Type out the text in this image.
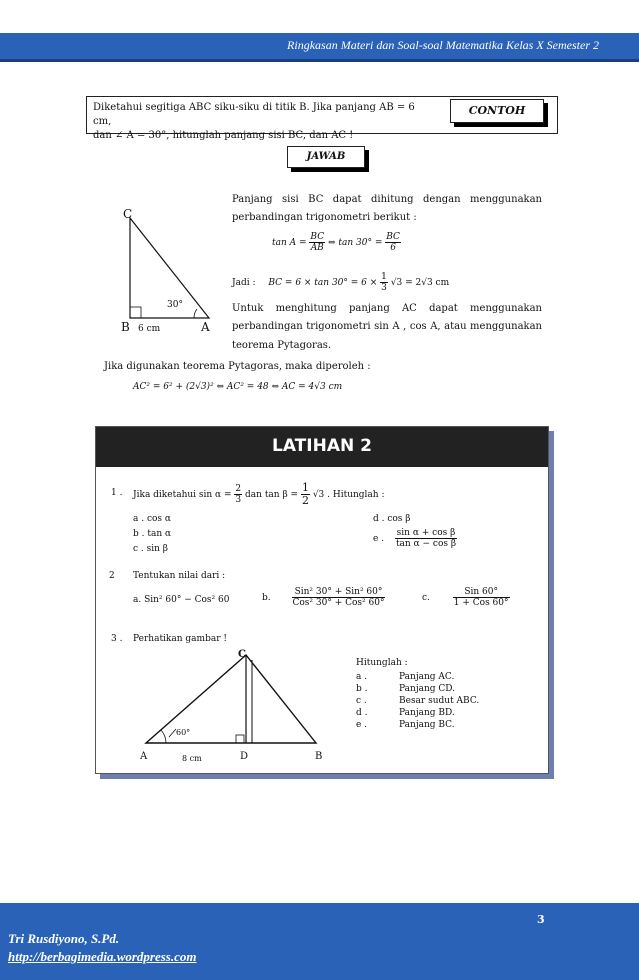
Ringkasan Materi dan Soal-soal Matematika Kelas X Semester 2
Diketahui segitiga ABC siku-siku di titik B. Jika panjang AB = 6 cm,
dan ∠ A = 30°, hitunglah panjang sisi BC, dan AC !
CONTOH
JAWAB
C
B	A
30°
6 cm
Panjang sisi BC dapat dihitung dengan menggunakan
perbandingan trigonometri berikut :
$\tan A = \frac{BC}{AB}$ ⇔ $\tan 30^\circ = \frac{BC}{6}$
Jadi : BC = $6 \times \tan 30^\circ = 6 \times \frac{1}{3} √3 = 2√3$ cm
Untuk menghitung panjang AC dapat menggunakan
perbandingan trigonometri sin A , cos A, atau menggunakan
teorema Pytagoras.
Jika digunakan teorema Pytagoras, maka diperoleh :
AC² = 6² + (2√3)² ⇔ AC² = 48 ⇔ AC = 4√3 cm
LATIHAN 2
1 . Jika diketahui $\sin \alpha = \frac{2}{3}$ dan $\tan \beta = \frac{1}{2} √3$ . Hitunglah :
a . cos α
b . tan α
c . sin β
d . cos β
e . $\frac{\text{sin α + cos β}}{\text{tan α − cos β}}$
2 Tentukan nilai dari :
a. Sin² 60° − Cos² 60	b. $\frac{\text{Sin² 30° + Sin² 60°}}{\text{Cos² 30° + Cos² 60°}}$	c.	$\frac{\text{Sin 60°}}{\text{1 + Cos 60°}}$
3 . Perhatikan gambar !
C
A	D	B
60°
8 cm
Hitunglah :
a .	Panjang AC.
b .	Panjang CD.
c .	Besar sudut ABC.
d .	Panjang BD.
e .	Panjang BC.
Tri Rusdiyono, S.Pd.
http://berbagimedia.wordpress.com
3
